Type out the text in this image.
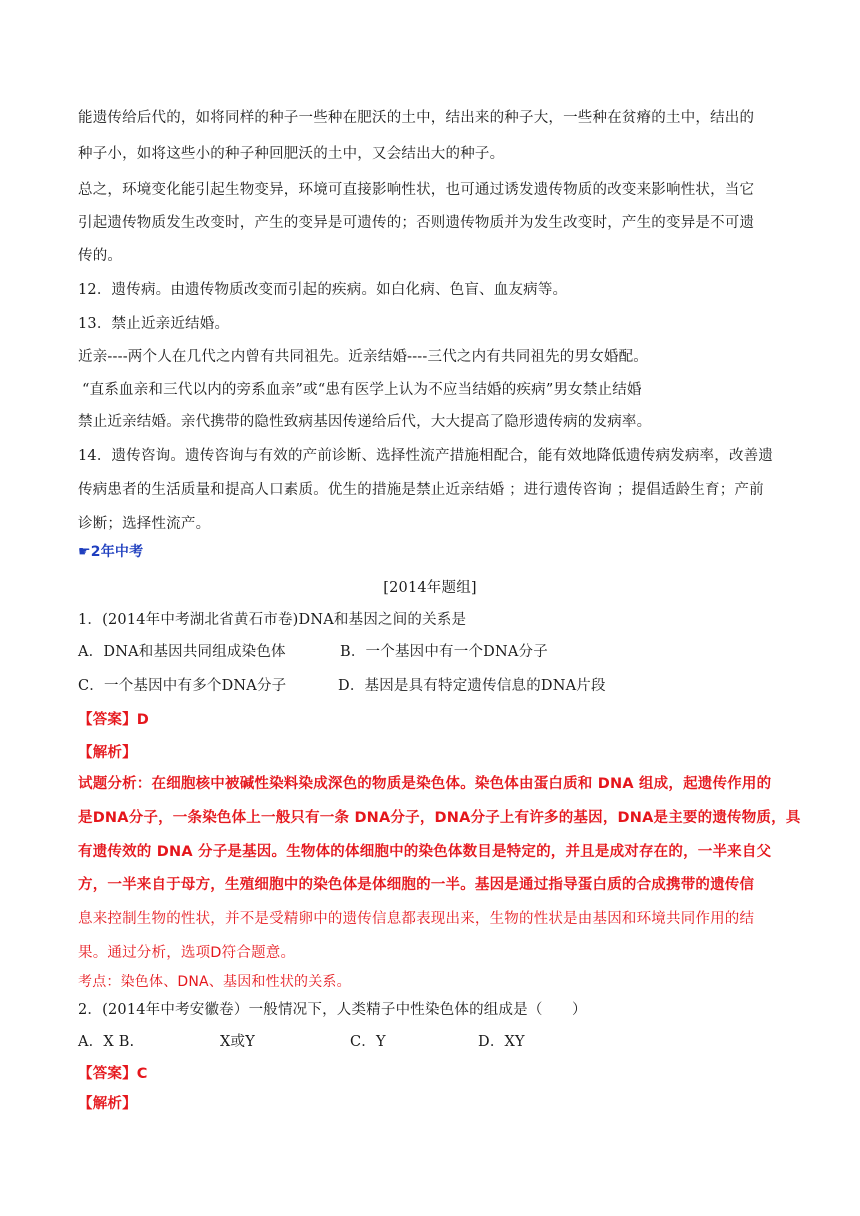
能遗传给后代的，如将同样的种子一些种在肥沃的土中，结出来的种子大，一些种在贫瘠的土中，结出的
种子小，如将这些小的种子种回肥沃的土中，又会结出大的种子。
总之，环境变化能引起生物变异，环境可直接影响性状，也可通过诱发遗传物质的改变来影响性状，当它
引起遗传物质发生改变时，产生的变异是可遗传的；否则遗传物质并为发生改变时，产生的变异是不可遗
传的。
12．遗传病。由遗传物质改变而引起的疾病。如白化病、色盲、血友病等。
13．禁止近亲近结婚。
近亲----两个人在几代之内曾有共同祖先。近亲结婚----三代之内有共同祖先的男女婚配。
“直系血亲和三代以内的旁系血亲”或“患有医学上认为不应当结婚的疾病”男女禁止结婚
禁止近亲结婚。亲代携带的隐性致病基因传递给后代，大大提高了隐形遗传病的发病率。
14．遗传咨询。遗传咨询与有效的产前诊断、选择性流产措施相配合，能有效地降低遗传病发病率，改善遗
传病患者的生活质量和提高人口素质。优生的措施是禁止近亲结婚 ；进行遗传咨询 ；提倡适龄生育；产前
诊断；选择性流产。
☛2年中考
[2014年题组]
1．(2014年中考湖北省黄石市卷)DNA和基因之间的关系是
A．DNA和基因共同组成染色体	B．一个基因中有一个DNA分子
C．一个基因中有多个DNA分子	D．基因是具有特定遗传信息的DNA片段
【答案】D
【解析】
试题分析：在细胞核中被碱性染料染成深色的物质是染色体。染色体由蛋白质和 DNA 组成，起遗传作用的
是DNA分子，一条染色体上一般只有一条 DNA分子，DNA分子上有许多的基因，DNA是主要的遗传物质，具
有遗传效的 DNA 分子是基因。生物体的体细胞中的染色体数目是特定的，并且是成对存在的，一半来自父
方，一半来自于母方，生殖细胞中的染色体是体细胞的一半。基因是通过指导蛋白质的合成携带的遗传信
息来控制生物的性状，并不是受精卵中的遗传信息都表现出来，生物的性状是由基因和环境共同作用的结
果。通过分析，选项D符合题意。
考点：染色体、DNA、基因和性状的关系。
2．(2014年中考安徽卷）一般情况下，人类精子中性染色体的组成是（　　）
A．X B.	X或Y	C．Y	D．XY
【答案】C
【解析】
